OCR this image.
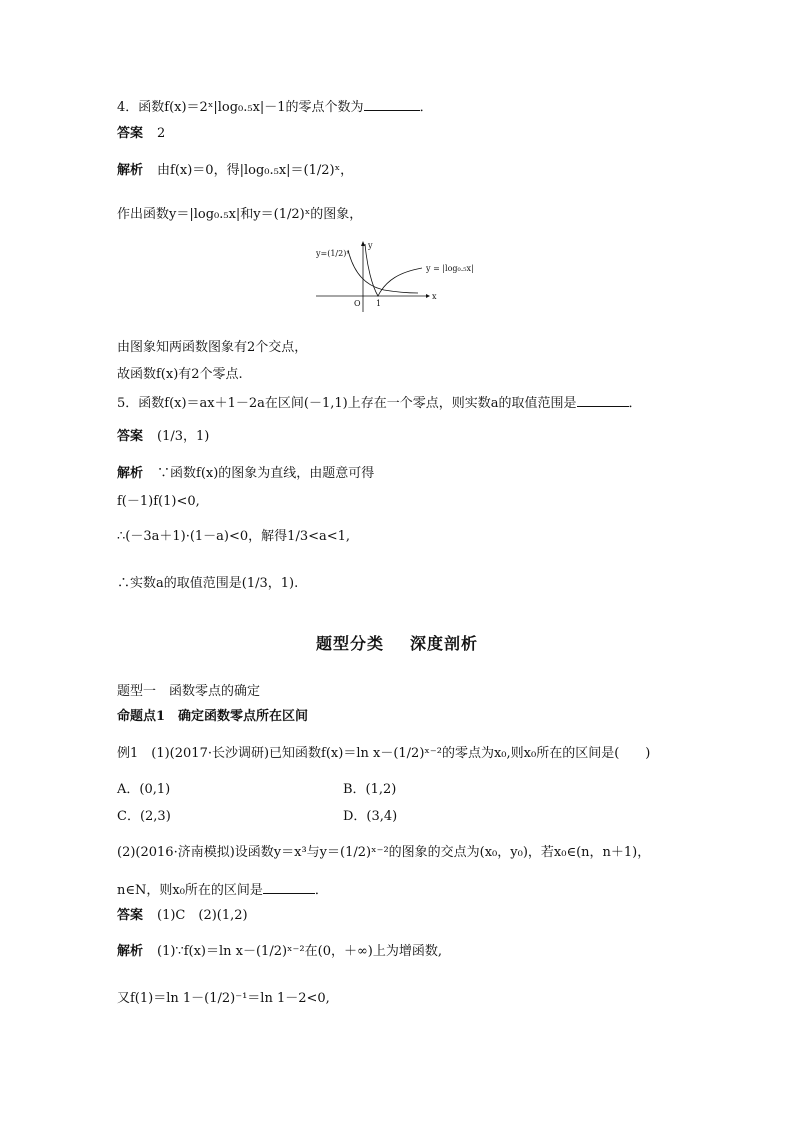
4．函数f(x)＝2ˣ|log₀.₅x|－1的零点个数为	．
答案 2
解析 由f(x)＝0，得|log₀.₅x|＝(1/2)ˣ，
作出函数y＝|log₀.₅x|和y＝(1/2)ˣ的图象，
y=(1/2)ˣ
y
y = |log₀.₅x|
x
O 1
由图象知两函数图象有2个交点，
故函数f(x)有2个零点.
5．函数f(x)＝ax＋1－2a在区间(－1,1)上存在一个零点，则实数a的取值范围是	．
答案 (1/3，1)
解析 ∵函数f(x)的图象为直线，由题意可得
f(－1)f(1)<0,
∴(－3a＋1)·(1－a)<0，解得1/3<a<1,
∴实数a的取值范围是(1/3，1).
题型分类 深度剖析
题型一　函数零点的确定
命题点1　确定函数零点所在区间
例1　(1)(2017·长沙调研)已知函数f(x)＝ln x－(1/2)ˣ⁻²的零点为x₀,则x₀所在的区间是(　　)
A．(0,1)	B．(1,2)
C．(2,3)	D．(3,4)
(2)(2016·济南模拟)设函数y＝x³与y＝(1/2)ˣ⁻²的图象的交点为(x₀，y₀)，若x₀∈(n，n＋1)，
n∈N，则x₀所在的区间是	．
答案 (1)C　(2)(1,2)
解析 (1)∵f(x)＝ln x－(1/2)ˣ⁻²在(0，＋∞)上为增函数,
又f(1)＝ln 1－(1/2)⁻¹＝ln 1－2<0,
